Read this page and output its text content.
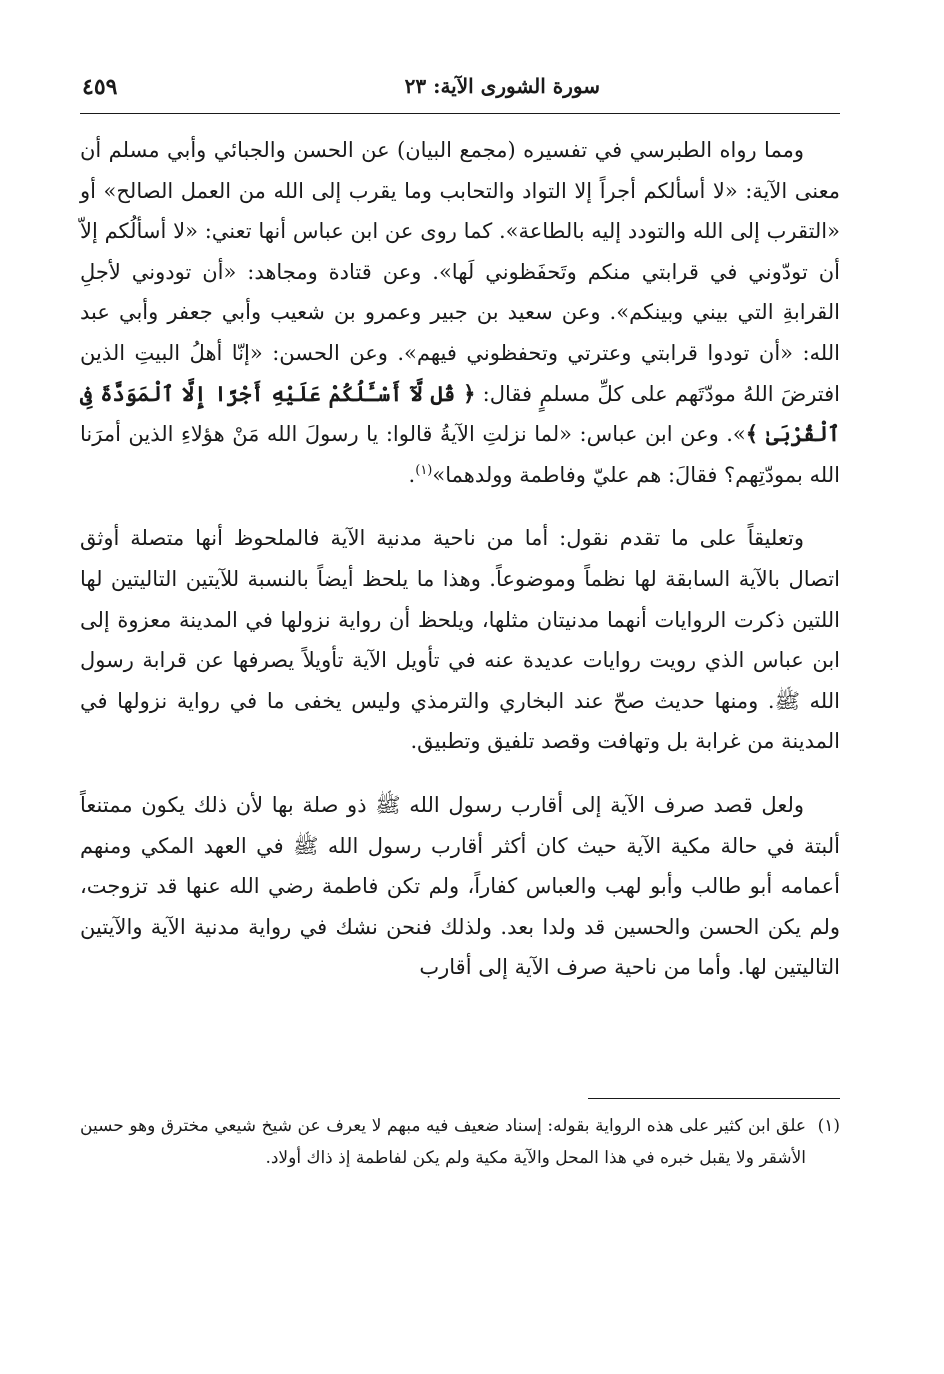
سورة الشورى الآية: ٢٣
٤٥٩

ومما رواه الطبرسي في تفسيره (مجمع البيان) عن الحسن والجبائي وأبي مسلم أن معنى الآية: «لا أسألكم أجراً إلا التواد والتحابب وما يقرب إلى الله من العمل الصالح» أو «التقرب إلى الله والتودد إليه بالطاعة». كما روى عن ابن عباس أنها تعني: «لا أسألُكم إلاّ أن تودّوني في قرابتي منكم وتَحفَظوني لَها». وعن قتادة ومجاهد: «أن تودوني لأجلِ القرابةِ التي بيني وبينكم». وعن سعيد بن جبير وعمرو بن شعيب وأبي جعفر وأبي عبد الله: «أن تودوا قرابتي وعترتي وتحفظوني فيهم». وعن الحسن: «إنّا أهلُ البيتِ الذين افترضَ اللهُ مودّتَهم على كلِّ مسلمٍ فقال: ﴿ قُل لَّآ أَسْـَٔلُكُمْ عَلَيْهِ أَجْرًا إِلَّا ٱلْمَوَدَّةَ فِى ٱلْقُرْبَىٰ ﴾». وعن ابن عباس: «لما نزلتِ الآيةُ قالوا: يا رسولَ الله مَنْ هؤلاءِ الذين أمرَنا الله بمودّتِهم؟ فقالَ: هم عليّ وفاطمة وولدهما»$^{(١)}$.

وتعليقاً على ما تقدم نقول: أما من ناحية مدنية الآية فالملحوظ أنها متصلة أوثق اتصال بالآية السابقة لها نظماً وموضوعاً. وهذا ما يلحظ أيضاً بالنسبة للآيتين التاليتين لها اللتين ذكرت الروايات أنهما مدنيتان مثلها، ويلحظ أن رواية نزولها في المدينة معزوة إلى ابن عباس الذي رويت روايات عديدة عنه في تأويل الآية تأويلاً يصرفها عن قرابة رسول الله ﷺ. ومنها حديث صحّ عند البخاري والترمذي وليس يخفى ما في رواية نزولها في المدينة من غرابة بل وتهافت وقصد تلفيق وتطبيق.

ولعل قصد صرف الآية إلى أقارب رسول الله ﷺ ذو صلة بها لأن ذلك يكون ممتنعاً ألبتة في حالة مكية الآية حيث كان أكثر أقارب رسول الله ﷺ في العهد المكي ومنهم أعمامه أبو طالب وأبو لهب والعباس كفاراً، ولم تكن فاطمة رضي الله عنها قد تزوجت، ولم يكن الحسن والحسين قد ولدا بعد. ولذلك فنحن نشك في رواية مدنية الآية والآيتين التاليتين لها. وأما من ناحية صرف الآية إلى أقارب

(١)
علق ابن كثير على هذه الرواية بقوله: إسناد ضعيف فيه مبهم لا يعرف عن شيخ شيعي مخترق وهو حسين الأشقر ولا يقبل خبره في هذا المحل والآية مكية ولم يكن لفاطمة إذ ذاك أولاد.
